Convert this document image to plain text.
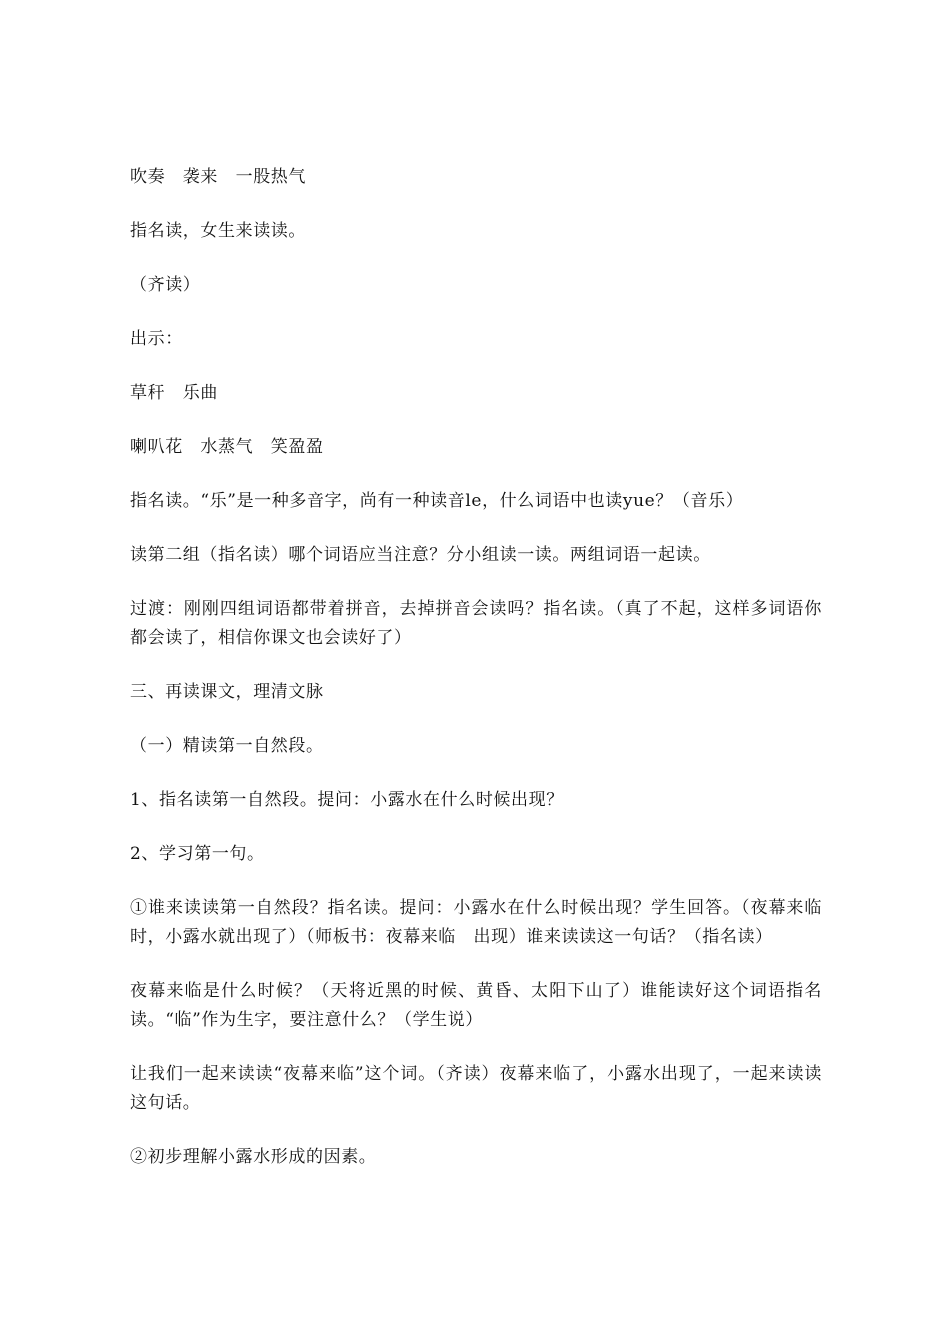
吹奏　袭来　一股热气

指名读，女生来读读。

（齐读）

出示：

草秆　乐曲

喇叭花　水蒸气　笑盈盈

指名读。“乐”是一种多音字，尚有一种读音le，什么词语中也读yue？（音乐）

读第二组（指名读）哪个词语应当注意？分小组读一读。两组词语一起读。

过渡：刚刚四组词语都带着拼音，去掉拼音会读吗？指名读。（真了不起，这样多词语你都会读了，相信你课文也会读好了）

三、再读课文，理清文脉

（一）精读第一自然段。

1、指名读第一自然段。提问：小露水在什么时候出现？

2、学习第一句。

①谁来读读第一自然段？指名读。提问：小露水在什么时候出现？学生回答。（夜幕来临时，小露水就出现了）（师板书：夜幕来临　出现）谁来读读这一句话？（指名读）

夜幕来临是什么时候？（天将近黑的时候、黄昏、太阳下山了）谁能读好这个词语指名读。“临”作为生字，要注意什么？（学生说）

让我们一起来读读“夜幕来临”这个词。（齐读）夜幕来临了，小露水出现了，一起来读读这句话。

②初步理解小露水形成的因素。
